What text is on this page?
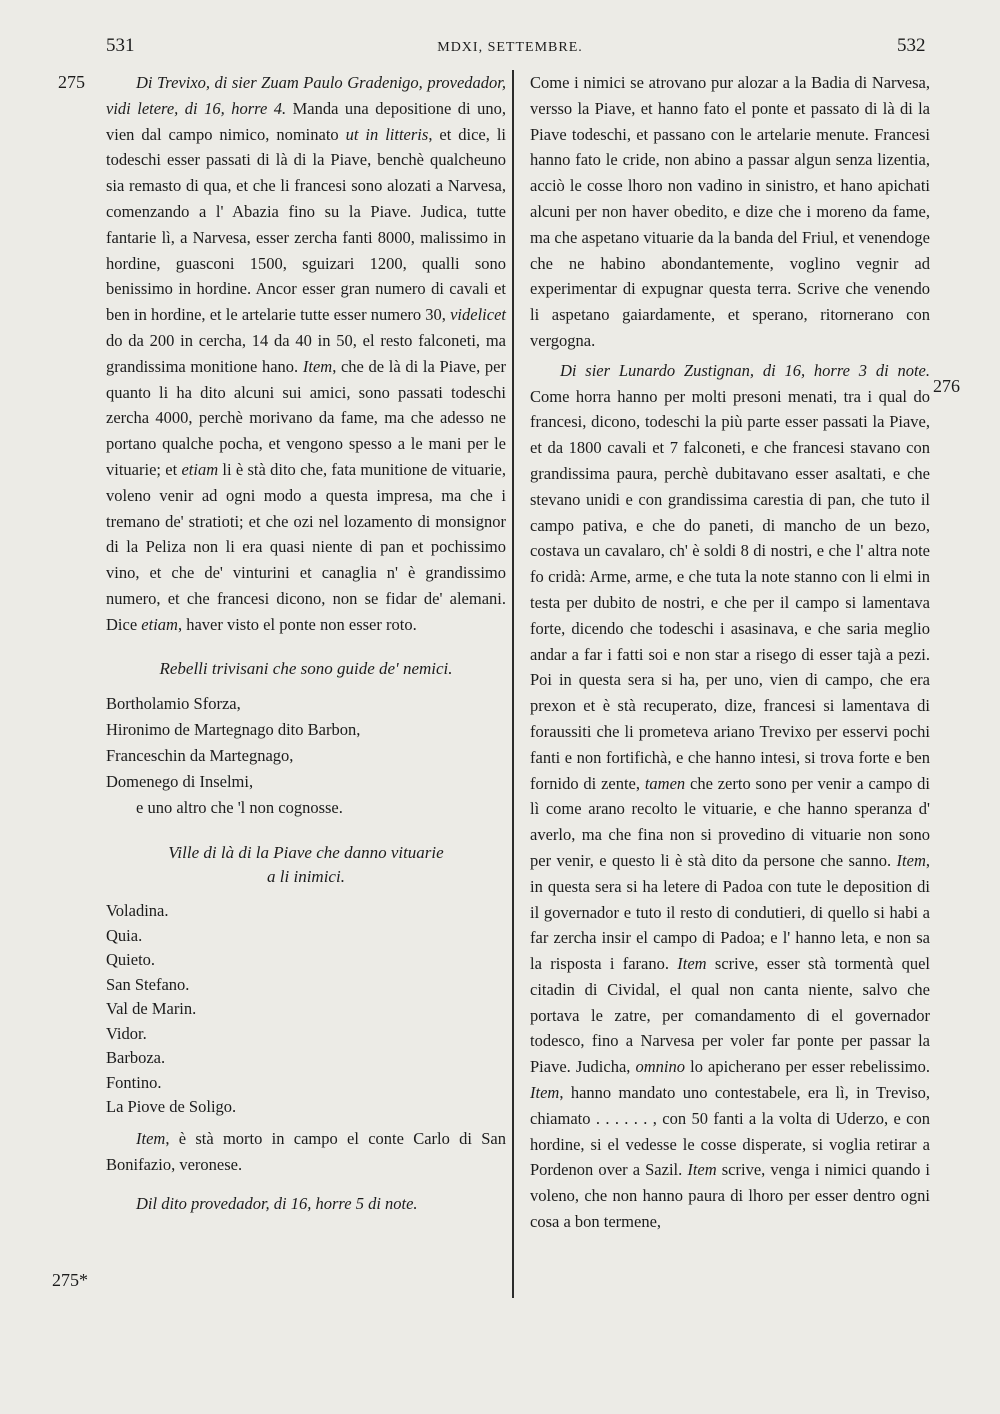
531	MDXI, SETTEMBRE.	532
275
276
275*

Di Trevixo, di sier Zuam Paulo Gradenigo, provedador, vidi letere, di 16, horre 4. Manda una depositione di uno, vien dal campo nimico, nominato ut in litteris, et dice, li todeschi esser passati di là di la Piave, benchè qualcheuno sia remasto di qua, et che li francesi sono alozati a Narvesa, comenzando a l' Abazia fino su la Piave. Judica, tutte fantarie lì, a Narvesa, esser zercha fanti 8000, malissimo in hordine, guasconi 1500, sguizari 1200, qualli sono benissimo in hordine. Ancor esser gran numero di cavali et ben in hordine, et le artelarie tutte esser numero 30, videlicet do da 200 in cercha, 14 da 40 in 50, el resto falconeti, ma grandissima monitione hano. Item, che de là di la Piave, per quanto li ha dito alcuni sui amici, sono passati todeschi zercha 4000, perchè morivano da fame, ma che adesso ne portano qualche pocha, et vengono spesso a le mani per le vituarie; et etiam li è stà dito che, fata munitione de vituarie, voleno venir ad ogni modo a questa impresa, ma che i tremano de' stratioti; et che ozi nel lozamento di monsignor di la Peliza non li era quasi niente di pan et pochissimo vino, et che de' vinturini et canaglia n' è grandissimo numero, et che francesi dicono, non se fidar de' alemani. Dice etiam, haver visto el ponte non esser roto.

Rebelli trivisani che sono guide de' nemici.
Bortholamio Sforza,
Hironimo de Martegnago dito Barbon,
Franceschin da Martegnago,
Domenego di Inselmi,
e uno altro che 'l non cognosse.
Ville di là di la Piave che danno vituarie
a li inimici.
Voladina.
Quia.
Quieto.
San Stefano.
Val de Marin.
Vidor.
Barboza.
Fontino.
La Piove de Soligo.

Item, è stà morto in campo el conte Carlo di San Bonifazio, veronese.

Dil dito provedador, di 16, horre 5 di note.

Come i nimici se atrovano pur alozar a la Badia di Narvesa, versso la Piave, et hanno fato el ponte et passato di là di la Piave todeschi, et passano con le artelarie menute. Francesi hanno fato le cride, non abino a passar algun senza lizentia, acciò le cosse lhoro non vadino in sinistro, et hano apichati alcuni per non haver obedito, e dize che i moreno da fame, ma che aspetano vituarie da la banda del Friul, et venendoge che ne habino abondantemente, voglino vegnir ad experimentar di expugnar questa terra. Scrive che venendo li aspetano gaiardamente, et sperano, ritornerano con vergogna.

Di sier Lunardo Zustignan, di 16, horre 3 di note. Come horra hanno per molti presoni menati, tra i qual do francesi, dicono, todeschi la più parte esser passati la Piave, et da 1800 cavali et 7 falconeti, e che francesi stavano con grandissima paura, perchè dubitavano esser asaltati, e che stevano unidi e con grandissima carestia di pan, che tuto il campo pativa, e che do paneti, di mancho de un bezo, costava un cavalaro, ch' è soldi 8 di nostri, e che l' altra note fo cridà: Arme, arme, e che tuta la note stanno con li elmi in testa per dubito de nostri, e che per il campo si lamentava forte, dicendo che todeschi i asasinava, e che saria meglio andar a far i fatti soi e non star a risego di esser tajà a pezi. Poi in questa sera si ha, per uno, vien di campo, che era prexon et è stà recuperato, dize, francesi si lamentava di foraussiti che li prometeva ariano Trevixo per esservi pochi fanti e non fortifichà, e che hanno intesi, si trova forte e ben fornido di zente, tamen che zerto sono per venir a campo di lì come arano recolto le vituarie, e che hanno speranza d' averlo, ma che fina non si provedino di vituarie non sono per venir, e questo li è stà dito da persone che sanno. Item, in questa sera si ha letere di Padoa con tute le deposition di il governador e tuto il resto di condutieri, di quello si habi a far zercha insir el campo di Padoa; e l' hanno leta, e non sa la risposta i farano. Item scrive, esser stà tormentà quel citadin di Cividal, el qual non canta niente, salvo che portava le zatre, per comandamento di el governador todesco, fino a Narvesa per voler far ponte per passar la Piave. Judicha, omnino lo apicherano per esser rebelissimo. Item, hanno mandato uno contestabele, era lì, in Treviso, chiamato . . . . . . , con 50 fanti a la volta di Uderzo, e con hordine, si el vedesse le cosse disperate, si voglia retirar a Pordenon over a Sazil. Item scrive, venga i nimici quando i voleno, che non hanno paura di lhoro per esser dentro ogni cosa a bon termene,
